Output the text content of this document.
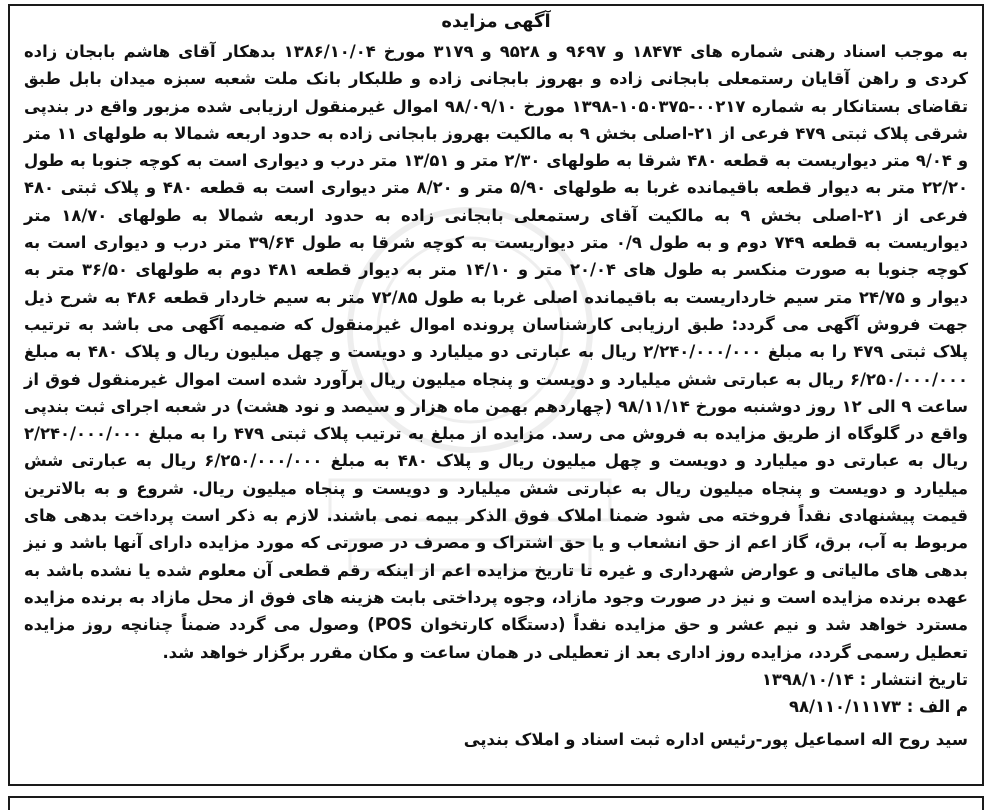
آگهی مزایده

به موجب اسناد رهنی شماره های ۱۸۴۷۴ و ۹۶۹۷ و ۹۵۲۸ و ۳۱۷۹ مورخ ۱۳۸۶/۱۰/۰۴ بدهکار آقای هاشم بابجان زاده کردی و راهن آقایان رستمعلی بابجانی زاده و بهروز بابجانی زاده و طلبکار بانک ملت شعبه سبزه میدان بابل طبق تقاضای بستانکار به شماره ۰۰۲۱۷-۱۰۵۰۳۷۵-۱۳۹۸ مورخ ۹۸/۰۹/۱۰ اموال غیرمنقول ارزیابی شده مزبور واقع در بندپی شرقی پلاک ثبتی ۴۷۹ فرعی از ۲۱-اصلی بخش ۹ به مالکیت بهروز بابجانی زاده به حدود اربعه شمالا به طولهای ۱۱ متر و ۹/۰۴ متر دیواریست به قطعه ۴۸۰ شرقا به طولهای ۲/۳۰ متر و ۱۳/۵۱ متر درب و دیواری است به کوچه جنوبا به طول ۲۲/۲۰ متر به دیوار قطعه باقیمانده غربا به طولهای ۵/۹۰ متر و ۸/۲۰ متر دیواری است به قطعه ۴۸۰ و پلاک ثبتی ۴۸۰ فرعی از ۲۱-اصلی بخش ۹ به مالکیت آقای رستمعلی بابجانی زاده به حدود اربعه شمالا به طولهای ۱۸/۷۰ متر دیواریست به قطعه ۷۴۹ دوم و به طول ۰/۹ متر دیواریست به کوچه شرقا به طول ۳۹/۶۴ متر درب و دیواری است به کوچه جنوبا به صورت منکسر به طول های ۲۰/۰۴ متر و ۱۴/۱۰ متر به دیوار قطعه ۴۸۱ دوم به طولهای ۳۶/۵۰ متر به دیوار و ۲۴/۷۵ متر سیم خارداریست به باقیمانده اصلی غربا به طول ۷۲/۸۵ متر به سیم خاردار قطعه ۴۸۶ به شرح ذیل جهت فروش آگهی می گردد: طبق ارزیابی کارشناسان پرونده اموال غیرمنقول که ضمیمه آگهی می باشد به ترتیب پلاک ثبتی ۴۷۹ را به مبلغ ۲/۲۴۰/۰۰۰/۰۰۰ ریال به عبارتی دو میلیارد و دویست و چهل میلیون ریال و پلاک ۴۸۰ به مبلغ ۶/۲۵۰/۰۰۰/۰۰۰ ریال به عبارتی شش میلیارد و دویست و پنجاه میلیون ریال برآورد شده است اموال غیرمنقول فوق از ساعت ۹ الی ۱۲ روز دوشنبه مورخ ۹۸/۱۱/۱۴ (چهاردهم بهمن ماه هزار و سیصد و نود هشت) در شعبه اجرای ثبت بندپی واقع در گلوگاه از طریق مزایده به فروش می رسد. مزایده از مبلغ به ترتیب پلاک ثبتی ۴۷۹ را به مبلغ ۲/۲۴۰/۰۰۰/۰۰۰ ریال به عبارتی دو میلیارد و دویست و چهل میلیون ریال و پلاک ۴۸۰ به مبلغ ۶/۲۵۰/۰۰۰/۰۰۰ ریال به عبارتی شش میلیارد و دویست و پنجاه میلیون ریال به عبارتی شش میلیارد و دویست و پنجاه میلیون ریال. شروع و به بالاترین قیمت پیشنهادی نقداً فروخته می شود ضمنا املاک فوق الذکر بیمه نمی باشند. لازم به ذکر است پرداخت بدهی های مربوط به آب، برق، گاز اعم از حق انشعاب و یا حق اشتراک و مصرف در صورتی که مورد مزایده دارای آنها باشد و نیز بدهی های مالیاتی و عوارض شهرداری و غیره تا تاریخ مزایده اعم از اینکه رقم قطعی آن معلوم شده یا نشده باشد به عهده برنده مزایده است و نیز در صورت وجود مازاد، وجوه پرداختی بابت هزینه های فوق از محل مازاد به برنده مزایده مسترد خواهد شد و نیم عشر و حق مزایده نقداً (دستگاه کارتخوان POS) وصول می گردد ضمناً چنانچه روز مزایده تعطیل رسمی گردد، مزایده روز اداری بعد از تعطیلی در همان ساعت و مکان مقرر برگزار خواهد شد.

تاریخ انتشار : ۱۳۹۸/۱۰/۱۴

م الف : ۹۸/۱۱۰/۱۱۱۷۳

سید روح اله اسماعیل پور-رئیس اداره ثبت اسناد و املاک بندپی
